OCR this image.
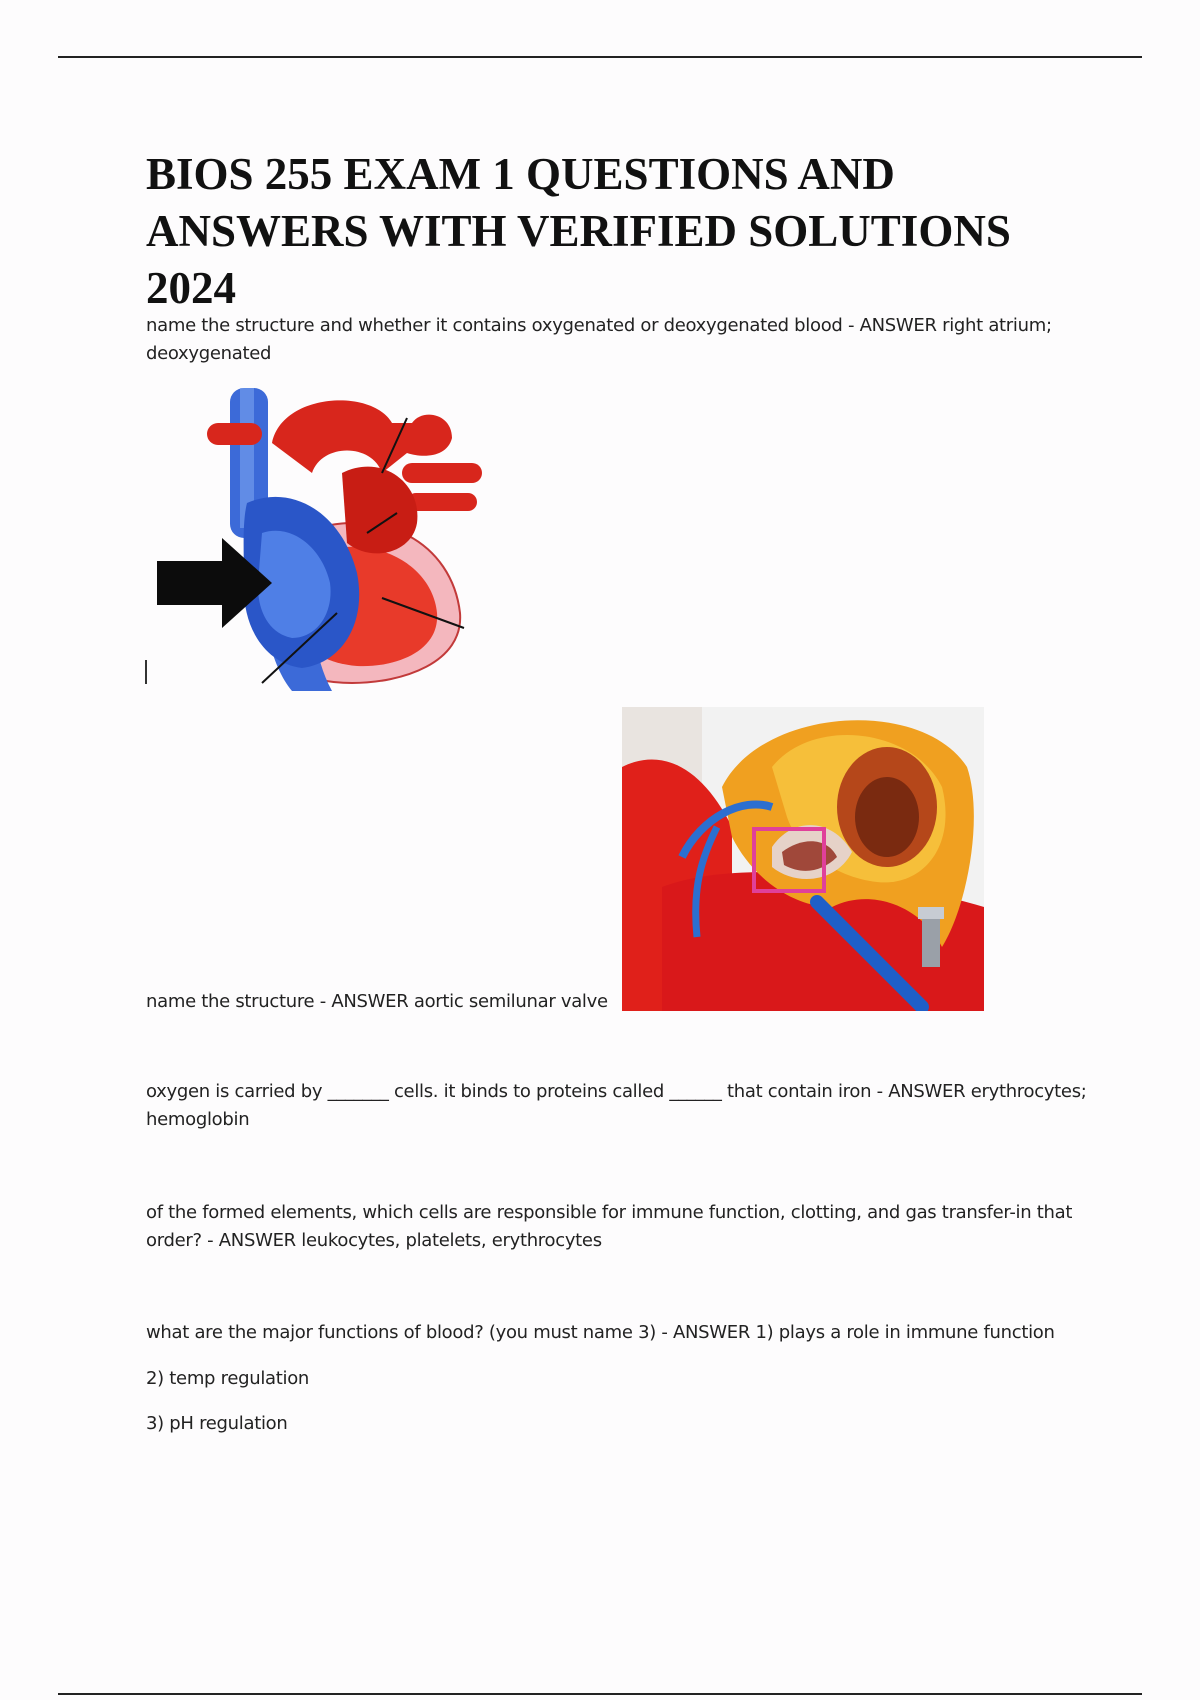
BIOS 255 EXAM 1 QUESTIONS AND ANSWERS WITH VERIFIED SOLUTIONS 2024

name the structure and whether it contains oxygenated or deoxygenated blood - ANSWER right atrium; deoxygenated

name the structure - ANSWER aortic semilunar valve

oxygen is carried by _______ cells. it binds to proteins called ______ that contain iron - ANSWER erythrocytes; hemoglobin

of the formed elements, which cells are responsible for immune function, clotting, and gas transfer-in that order? - ANSWER leukocytes, platelets, erythrocytes

what are the major functions of blood? (you must name 3) - ANSWER 1) plays a role in immune function

2) temp regulation

3) pH regulation
